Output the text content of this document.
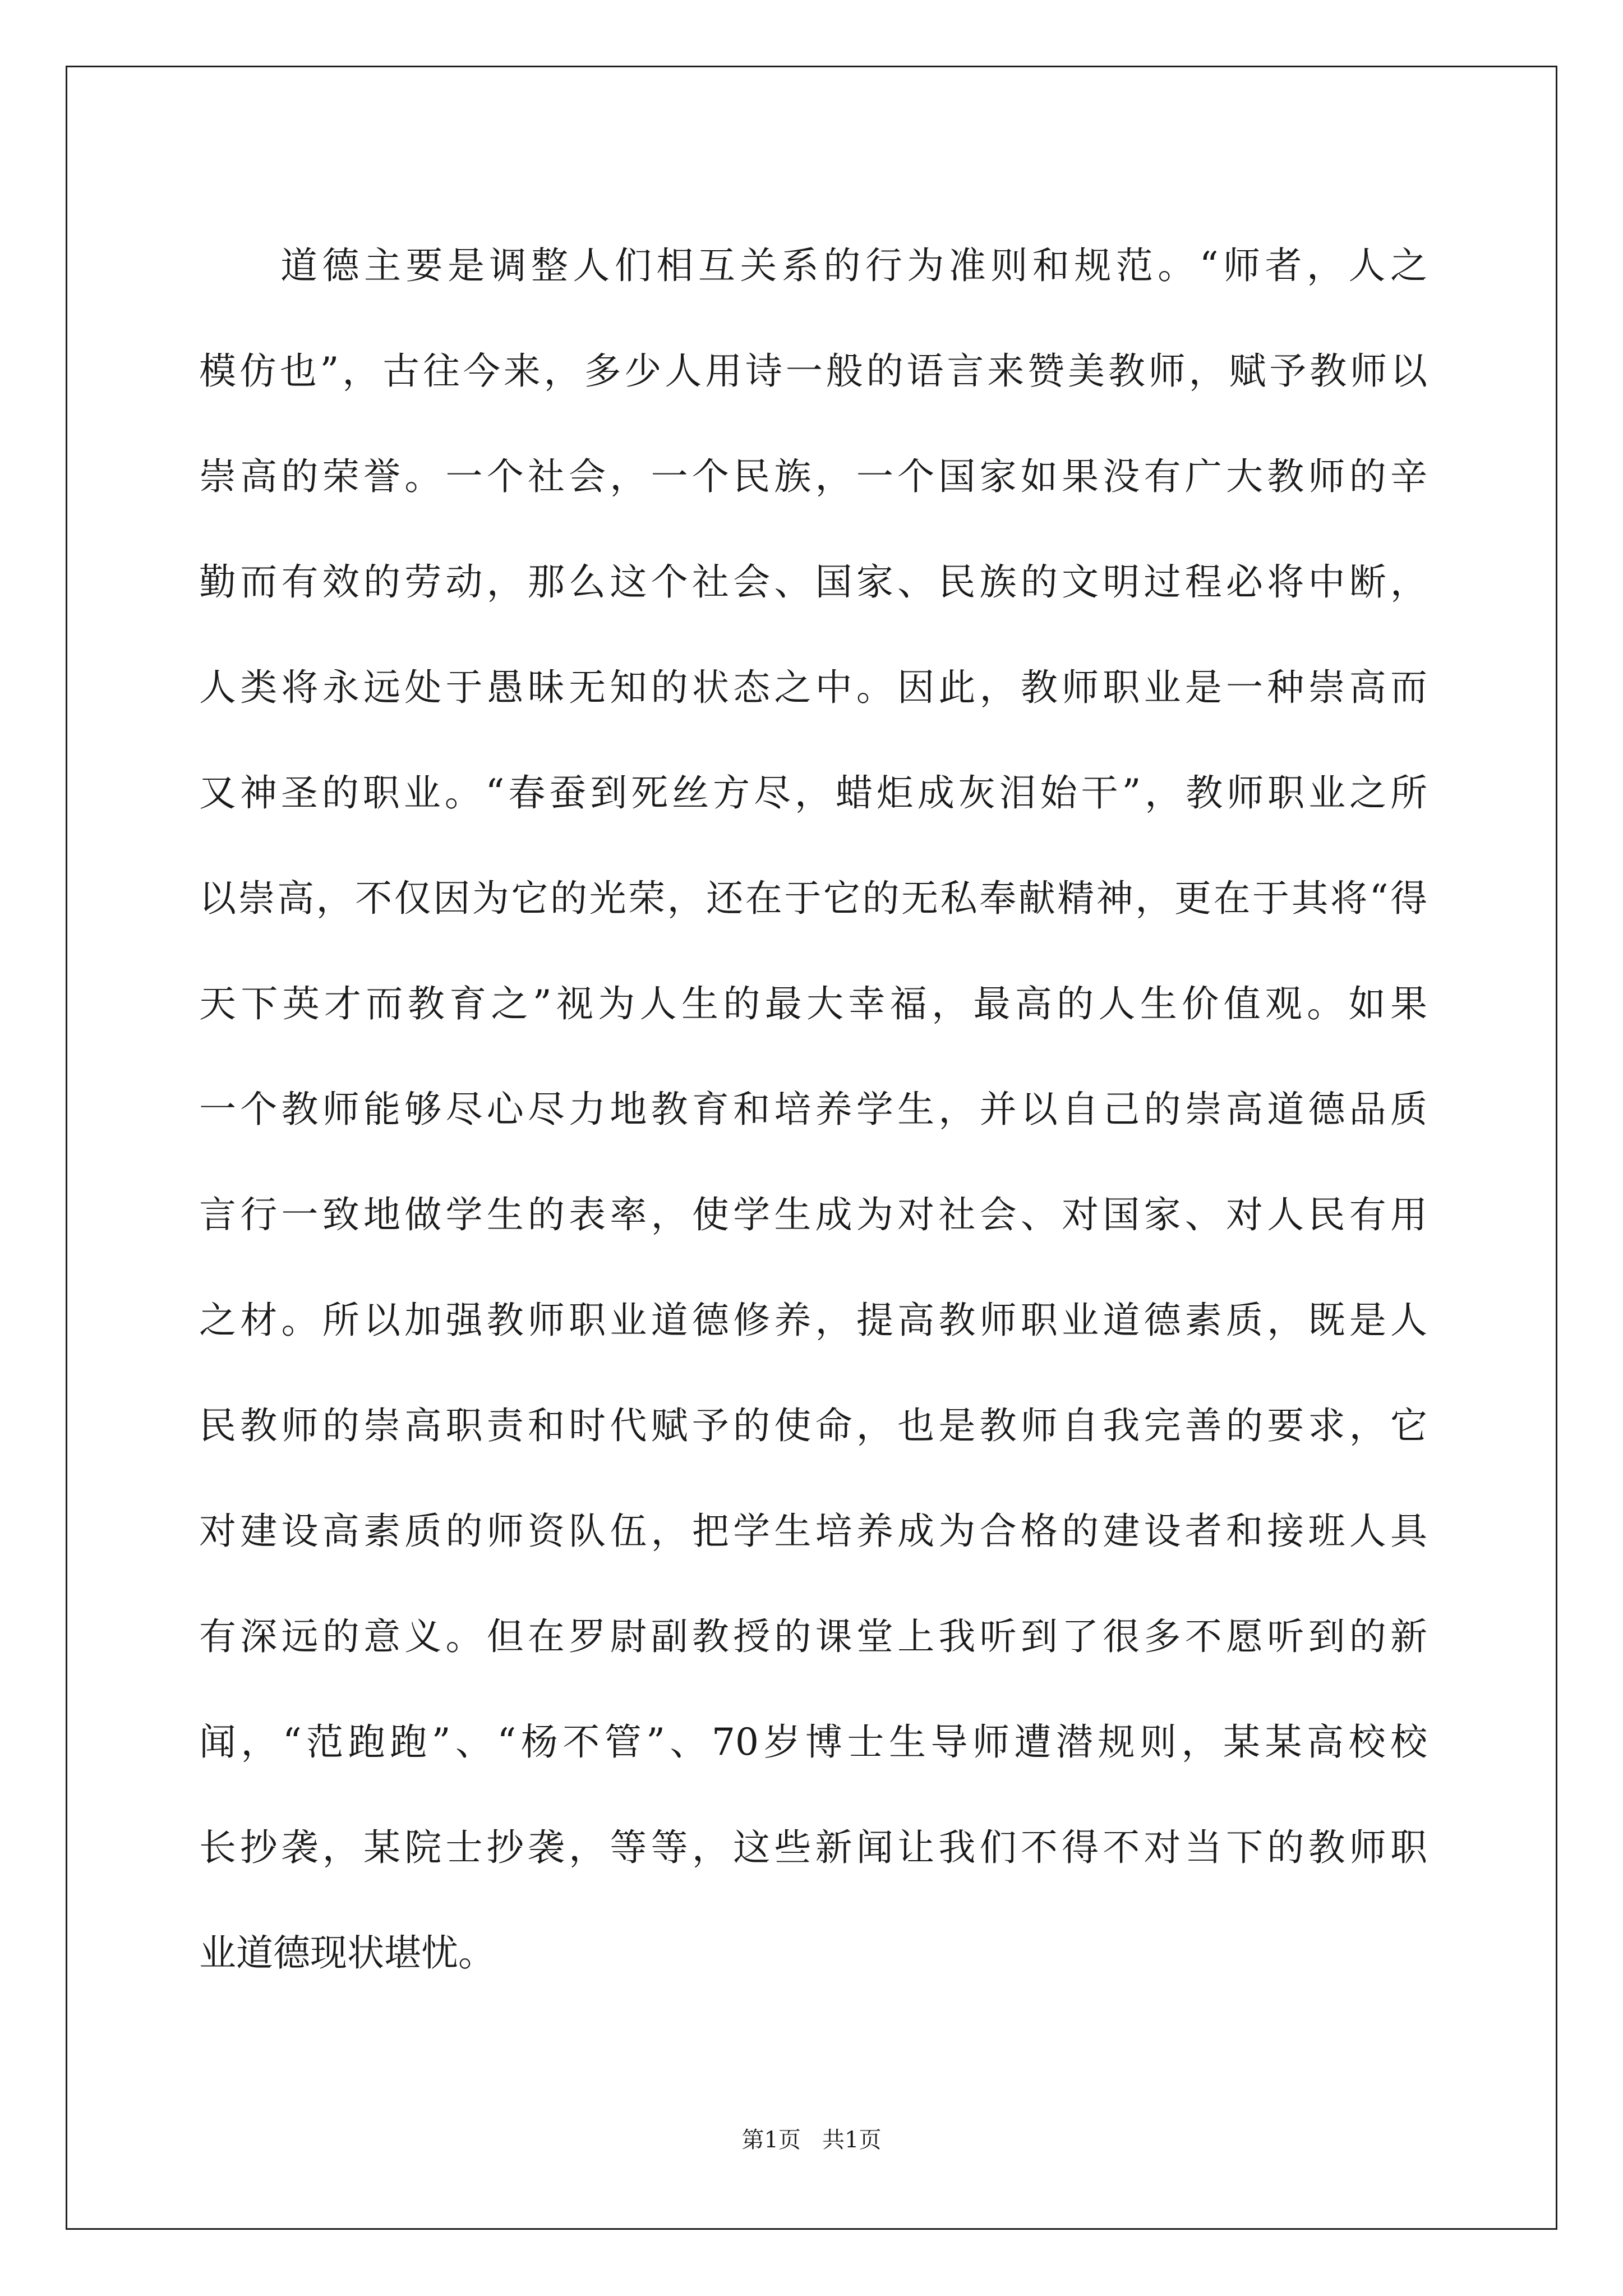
道德主要是调整人们相互关系的行为准则和规范。“师者，人之
模仿也”，古往今来，多少人用诗一般的语言来赞美教师，赋予教师以
崇高的荣誉。一个社会，一个民族，一个国家如果没有广大教师的辛
勤而有效的劳动，那么这个社会、国家、民族的文明过程必将中断，
人类将永远处于愚昧无知的状态之中。因此，教师职业是一种崇高而
又神圣的职业。“春蚕到死丝方尽，蜡炬成灰泪始干”，教师职业之所
以崇高，不仅因为它的光荣，还在于它的无私奉献精神，更在于其将“得
天下英才而教育之”视为人生的最大幸福，最高的人生价值观。如果
一个教师能够尽心尽力地教育和培养学生，并以自己的崇高道德品质
言行一致地做学生的表率，使学生成为对社会、对国家、对人民有用
之材。所以加强教师职业道德修养，提高教师职业道德素质，既是人
民教师的崇高职责和时代赋予的使命，也是教师自我完善的要求，它
对建设高素质的师资队伍，把学生培养成为合格的建设者和接班人具
有深远的意义。但在罗尉副教授的课堂上我听到了很多不愿听到的新
闻，“范跑跑”、“杨不管”、70岁博士生导师遭潜规则，某某高校校
长抄袭，某院士抄袭，等等，这些新闻让我们不得不对当下的教师职
业道德现状堪忧。
第1页   共1页
